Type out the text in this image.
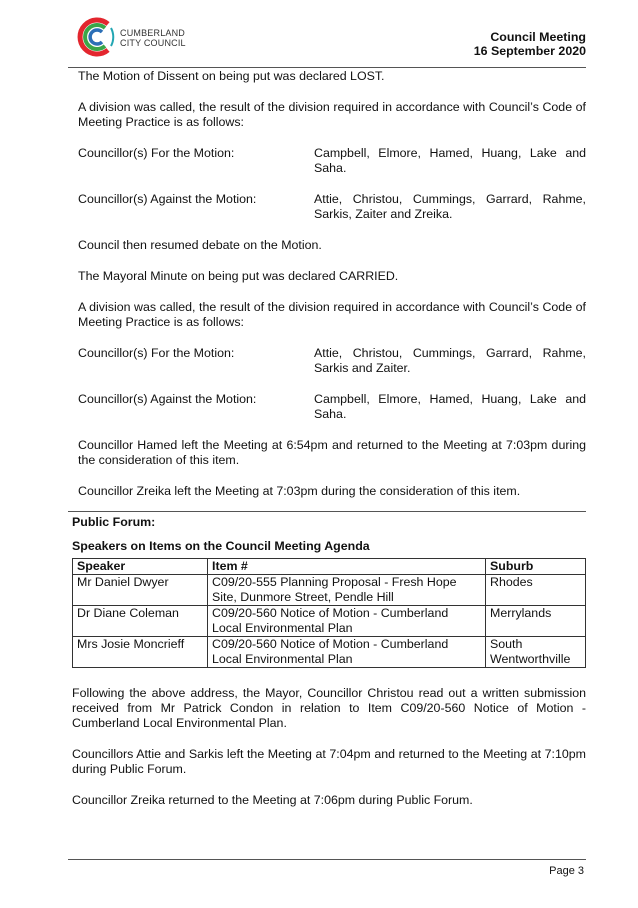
CUMBERLAND
CITY COUNCIL	Council Meeting
16 September 2020

The Motion of Dissent on being put was declared LOST.

A division was called, the result of the division required in accordance with Council’s Code of Meeting Practice is as follows:

Councillor(s) For the Motion:	Campbell, Elmore, Hamed, Huang, Lake and Saha.
Councillor(s) Against the Motion:	Attie, Christou, Cummings, Garrard, Rahme, Sarkis, Zaiter and Zreika.

Council then resumed debate on the Motion.

The Mayoral Minute on being put was declared CARRIED.

A division was called, the result of the division required in accordance with Council’s Code of Meeting Practice is as follows:

Councillor(s) For the Motion:	Attie, Christou, Cummings, Garrard, Rahme, Sarkis and Zaiter.
Councillor(s) Against the Motion:	Campbell, Elmore, Hamed, Huang, Lake and Saha.

Councillor Hamed left the Meeting at 6:54pm and returned to the Meeting at 7:03pm during the consideration of this item.

Councillor Zreika left the Meeting at 7:03pm during the consideration of this item.

Public Forum:
Speakers on Items on the Council Meeting Agenda
Speaker	Item #	Suburb
Mr Daniel Dwyer	C09/20-555 Planning Proposal - Fresh Hope Site, Dunmore Street, Pendle Hill	Rhodes
Dr Diane Coleman	C09/20-560 Notice of Motion - Cumberland Local Environmental Plan	Merrylands
Mrs Josie Moncrieff	C09/20-560 Notice of Motion - Cumberland Local Environmental Plan	South Wentworthville

Following the above address, the Mayor, Councillor Christou read out a written submission received from Mr Patrick Condon in relation to Item C09/20-560 Notice of Motion - Cumberland Local Environmental Plan.

Councillors Attie and Sarkis left the Meeting at 7:04pm and returned to the Meeting at 7:10pm during Public Forum.

Councillor Zreika returned to the Meeting at 7:06pm during Public Forum.

Page 3
